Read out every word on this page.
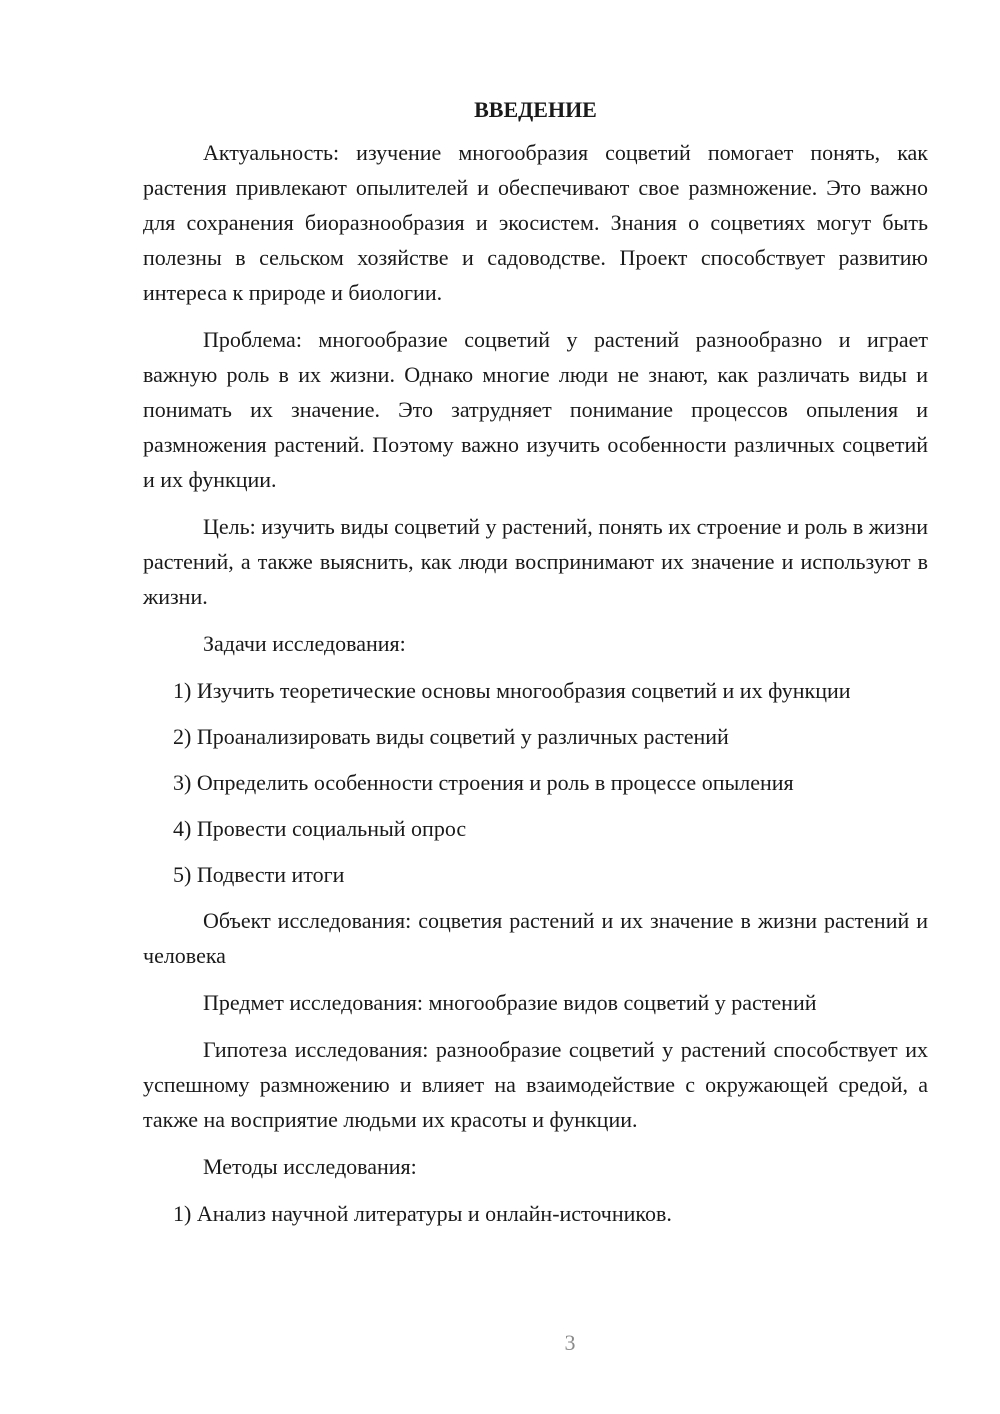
ВВЕДЕНИЕ

Актуальность: изучение многообразия соцветий помогает понять, как растения привлекают опылителей и обеспечивают свое размножение. Это важно для сохранения биоразнообразия и экосистем. Знания о соцветиях могут быть полезны в сельском хозяйстве и садоводстве. Проект способствует развитию интереса к природе и биологии.

Проблема: многообразие соцветий у растений разнообразно и играет важную роль в их жизни. Однако многие люди не знают, как различать виды и понимать их значение. Это затрудняет понимание процессов опыления и размножения растений. Поэтому важно изучить особенности различных соцветий и их функции.

Цель: изучить виды соцветий у растений, понять их строение и роль в жизни растений, а также выяснить, как люди воспринимают их значение и используют в жизни.

Задачи исследования:

1) Изучить теоретические основы многообразия соцветий и их функции

2) Проанализировать виды соцветий у различных растений

3) Определить особенности строения и роль в процессе опыления

4) Провести социальный опрос

5) Подвести итоги

Объект исследования: соцветия растений и их значение в жизни растений и человека

Предмет исследования: многообразие видов соцветий у растений

Гипотеза исследования: разнообразие соцветий у растений способствует их успешному размножению и влияет на взаимодействие с окружающей средой, а также на восприятие людьми их красоты и функции.

Методы исследования:

1) Анализ научной литературы и онлайн-источников.

3
